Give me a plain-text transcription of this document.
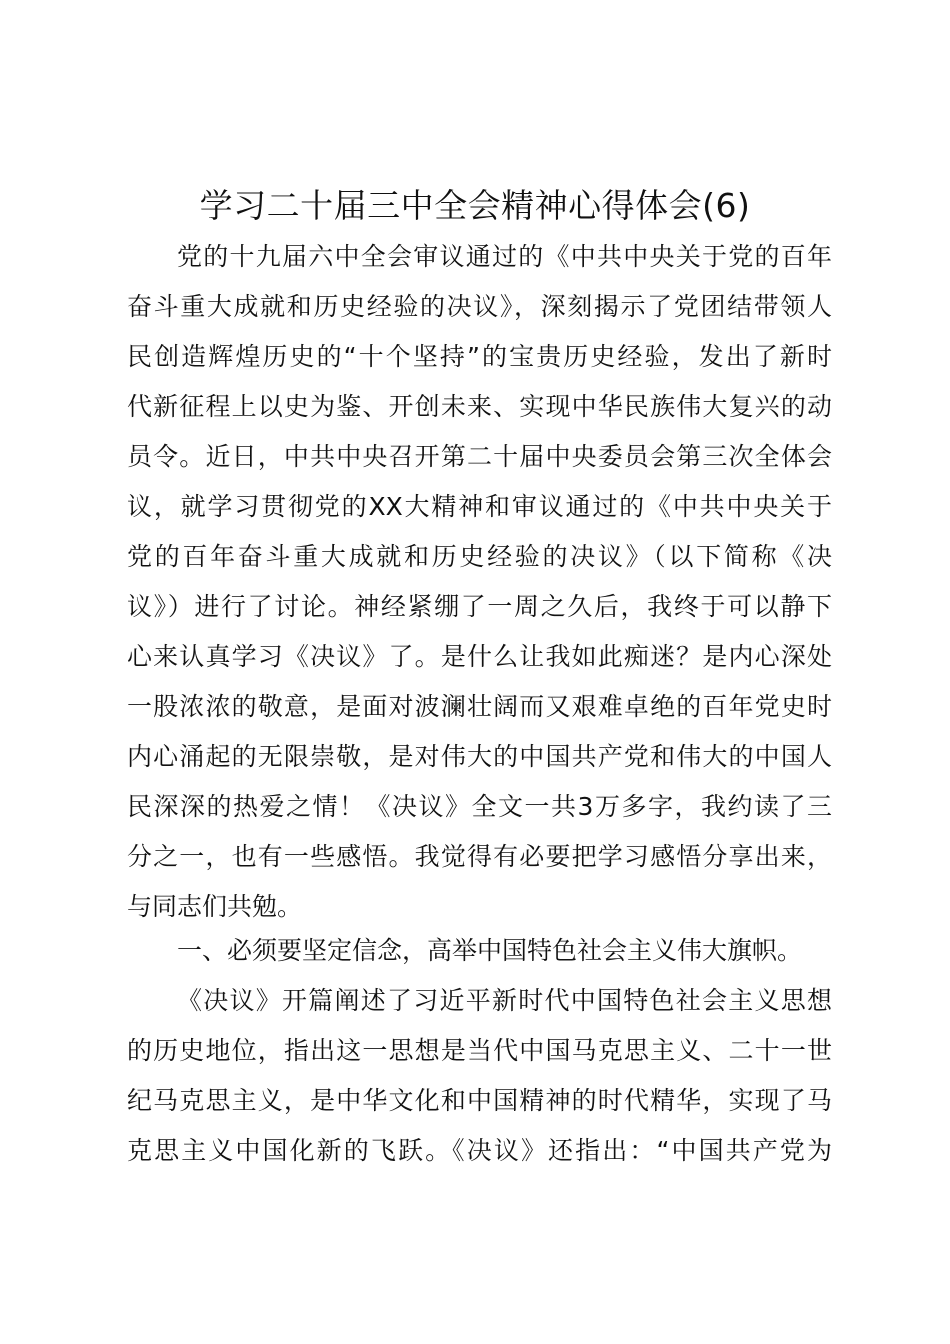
学习二十届三中全会精神心得体会(6)
党的十九届六中全会审议通过的《中共中央关于党的百年
奋斗重大成就和历史经验的决议》，深刻揭示了党团结带领人
民创造辉煌历史的“十个坚持”的宝贵历史经验，发出了新时
代新征程上以史为鉴、开创未来、实现中华民族伟大复兴的动
员令。近日，中共中央召开第二十届中央委员会第三次全体会
议，就学习贯彻党的XX大精神和审议通过的《中共中央关于
党的百年奋斗重大成就和历史经验的决议》（以下简称《决
议》）进行了讨论。神经紧绷了一周之久后，我终于可以静下
心来认真学习《决议》了。是什么让我如此痴迷？是内心深处
一股浓浓的敬意，是面对波澜壮阔而又艰难卓绝的百年党史时
内心涌起的无限崇敬，是对伟大的中国共产党和伟大的中国人
民深深的热爱之情！《决议》全文一共3万多字，我约读了三
分之一，也有一些感悟。我觉得有必要把学习感悟分享出来，
与同志们共勉。
一、必须要坚定信念，高举中国特色社会主义伟大旗帜。
《决议》开篇阐述了习近平新时代中国特色社会主义思想
的历史地位，指出这一思想是当代中国马克思主义、二十一世
纪马克思主义，是中华文化和中国精神的时代精华，实现了马
克思主义中国化新的飞跃。《决议》还指出：“中国共产党为
